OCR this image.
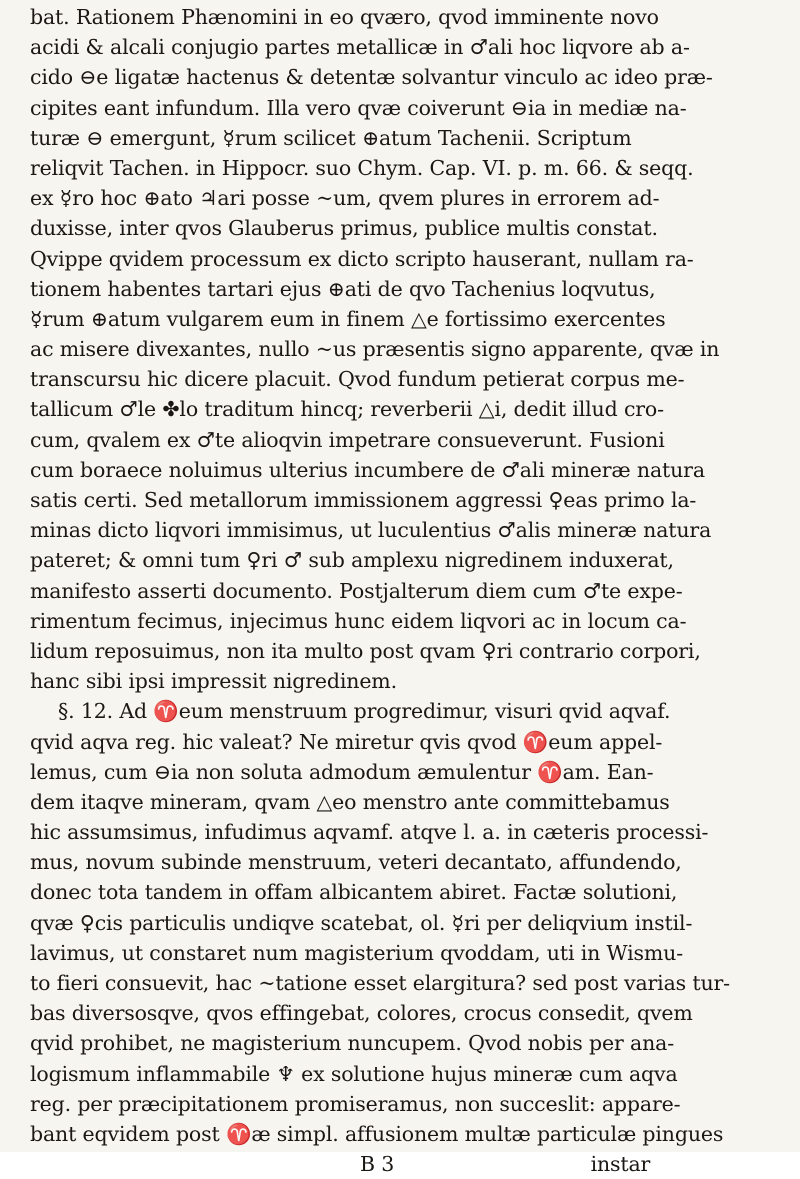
bat. Rationem Phænomini in eo qværo, qvod imminente novo
acidi & alcali conjugio partes metallicæ in ♂ali hoc liqvore ab a-
cido ⊖e ligatæ hactenus & detentæ solvantur vinculo ac ideo præ-
cipites eant infundum. Illa vero qvæ coiverunt ⊖ia in mediæ na-
turæ ⊖ emergunt, ☿rum scilicet ⊕atum Tachenii. Scriptum
reliqvit Tachen. in Hippocr. suo Chym. Cap. VI. p. m. 66. & seqq.
ex ☿ro hoc ⊕ato ♃ari posse ~um, qvem plures in errorem ad-
duxisse, inter qvos Glauberus primus, publice multis constat.
Qvippe qvidem processum ex dicto scripto hauserant, nullam ra-
tionem habentes tartari ejus ⊕ati de qvo Tachenius loqvutus,
☿rum ⊕atum vulgarem eum in finem △e fortissimo exercentes
ac misere divexantes, nullo ~us præsentis signo apparente, qvæ in
transcursu hic dicere placuit. Qvod fundum petierat corpus me-
tallicum ♂le ✤lo traditum hincq; reverberii △i, dedit illud cro-
cum, qvalem ex ♂te alioqvin impetrare consueverunt. Fusioni
cum boraece noluimus ulterius incumbere de ♂ali mineræ natura
satis certi. Sed metallorum immissionem aggressi ♀eas primo la-
minas dicto liqvori immisimus, ut luculentius ♂alis mineræ natura
pateret; & omni tum ♀ri ♂ sub amplexu nigredinem induxerat,
manifesto asserti documento. Postjalterum diem cum ♂te expe-
rimentum fecimus, injecimus hunc eidem liqvori ac in locum ca-
lidum reposuimus, non ita multo post qvam ♀ri contrario corpori,
hanc sibi ipsi impressit nigredinem.
§. 12. Ad ♈eum menstruum progredimur, visuri qvid aqvaf.
qvid aqva reg. hic valeat? Ne miretur qvis qvod ♈eum appel-
lemus, cum ⊖ia non soluta admodum æmulentur ♈am. Ean-
dem itaqve mineram, qvam △eo menstro ante committebamus
hic assumsimus, infudimus aqvamf. atqve l. a. in cæteris processi-
mus, novum subinde menstruum, veteri decantato, affundendo,
donec tota tandem in offam albicantem abiret. Factæ solutioni,
qvæ ♀cis particulis undiqve scatebat, ol. ☿ri per deliqvium instil-
lavimus, ut constaret num magisterium qvoddam, uti in Wismu-
to fieri consuevit, hac ~tatione esset elargitura? sed post varias tur-
bas diversosqve, qvos effingebat, colores, crocus consedit, qvem
qvid prohibet, ne magisterium nuncupem. Qvod nobis per ana-
logismum inflammabile ♆ ex solutione hujus mineræ cum aqva
reg. per præcipitationem promiseramus, non succeslit: appare-
bant eqvidem post ♈æ simpl. affusionem multæ particulæ pingues
B 3	instar
